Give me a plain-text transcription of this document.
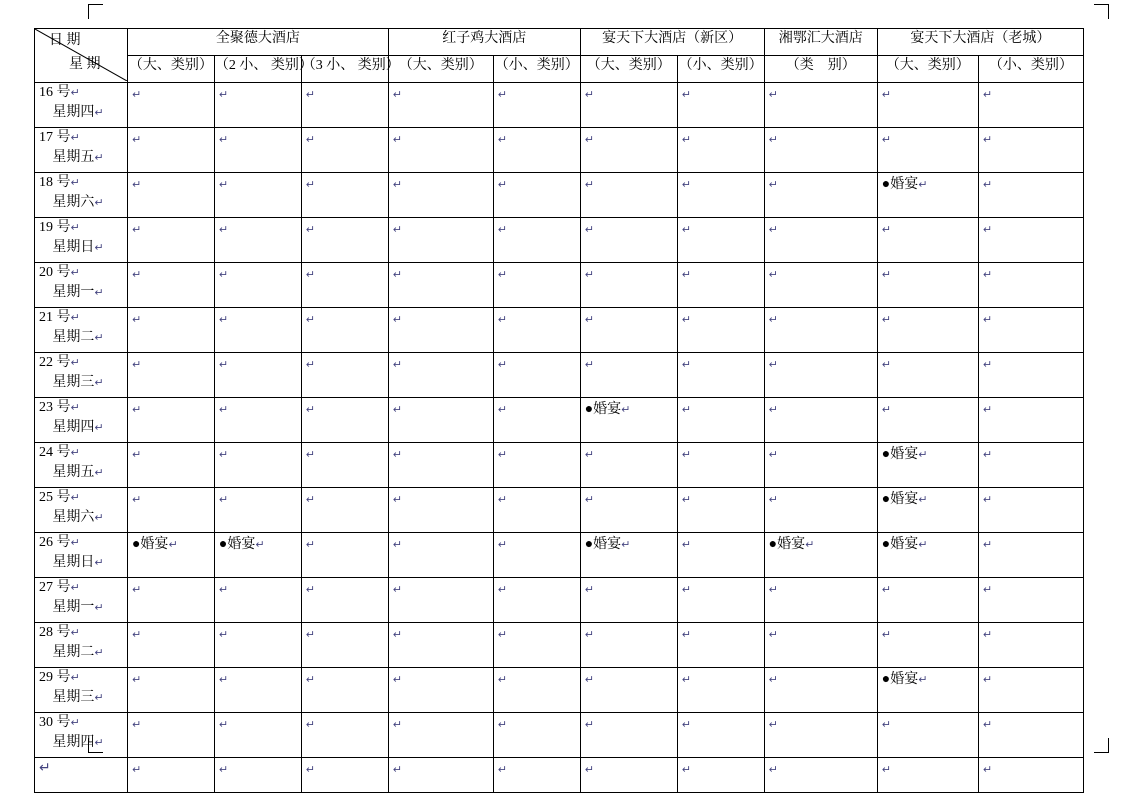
日 期
星 期	全聚德大酒店			红子鸡大酒店		宴天下大酒店（新区）		湘鄂汇大酒店	宴天下大酒店（老城）	
	（大、类别）	（2 小、 类别）	（3 小、 类别）	（大、类别）	（小、类别）	（大、类别）	（小、类别）	（类　别）	（大、类别）	（小、类别）

16 号↵
星期四↵	↵	↵	↵	↵	↵	↵	↵	↵	↵	↵

17 号↵
星期五↵	↵	↵	↵	↵	↵	↵	↵	↵	↵	↵

18 号↵
星期六↵	↵	↵	↵	↵	↵	↵	↵	↵	●婚宴↵	↵

19 号↵
星期日↵	↵	↵	↵	↵	↵	↵	↵	↵	↵	↵

20 号↵
星期一↵	↵	↵	↵	↵	↵	↵	↵	↵	↵	↵

21 号↵
星期二↵	↵	↵	↵	↵	↵	↵	↵	↵	↵	↵

22 号↵
星期三↵	↵	↵	↵	↵	↵	↵	↵	↵	↵	↵

23 号↵
星期四↵	↵	↵	↵	↵	↵	●婚宴↵	↵	↵	↵	↵

24 号↵
星期五↵	↵	↵	↵	↵	↵	↵	↵	↵	●婚宴↵	↵

25 号↵
星期六↵	↵	↵	↵	↵	↵	↵	↵	↵	●婚宴↵	↵

26 号↵
星期日↵	●婚宴↵	●婚宴↵	↵	↵	↵	●婚宴↵	↵	●婚宴↵	●婚宴↵	↵

27 号↵
星期一↵	↵	↵	↵	↵	↵	↵	↵	↵	↵	↵

28 号↵
星期二↵	↵	↵	↵	↵	↵	↵	↵	↵	↵	↵

29 号↵
星期三↵	↵	↵	↵	↵	↵	↵	↵	↵	●婚宴↵	↵

30 号↵
星期四↵	↵	↵	↵	↵	↵	↵	↵	↵	↵	↵

↵	↵	↵	↵	↵	↵	↵	↵	↵	↵	↵
